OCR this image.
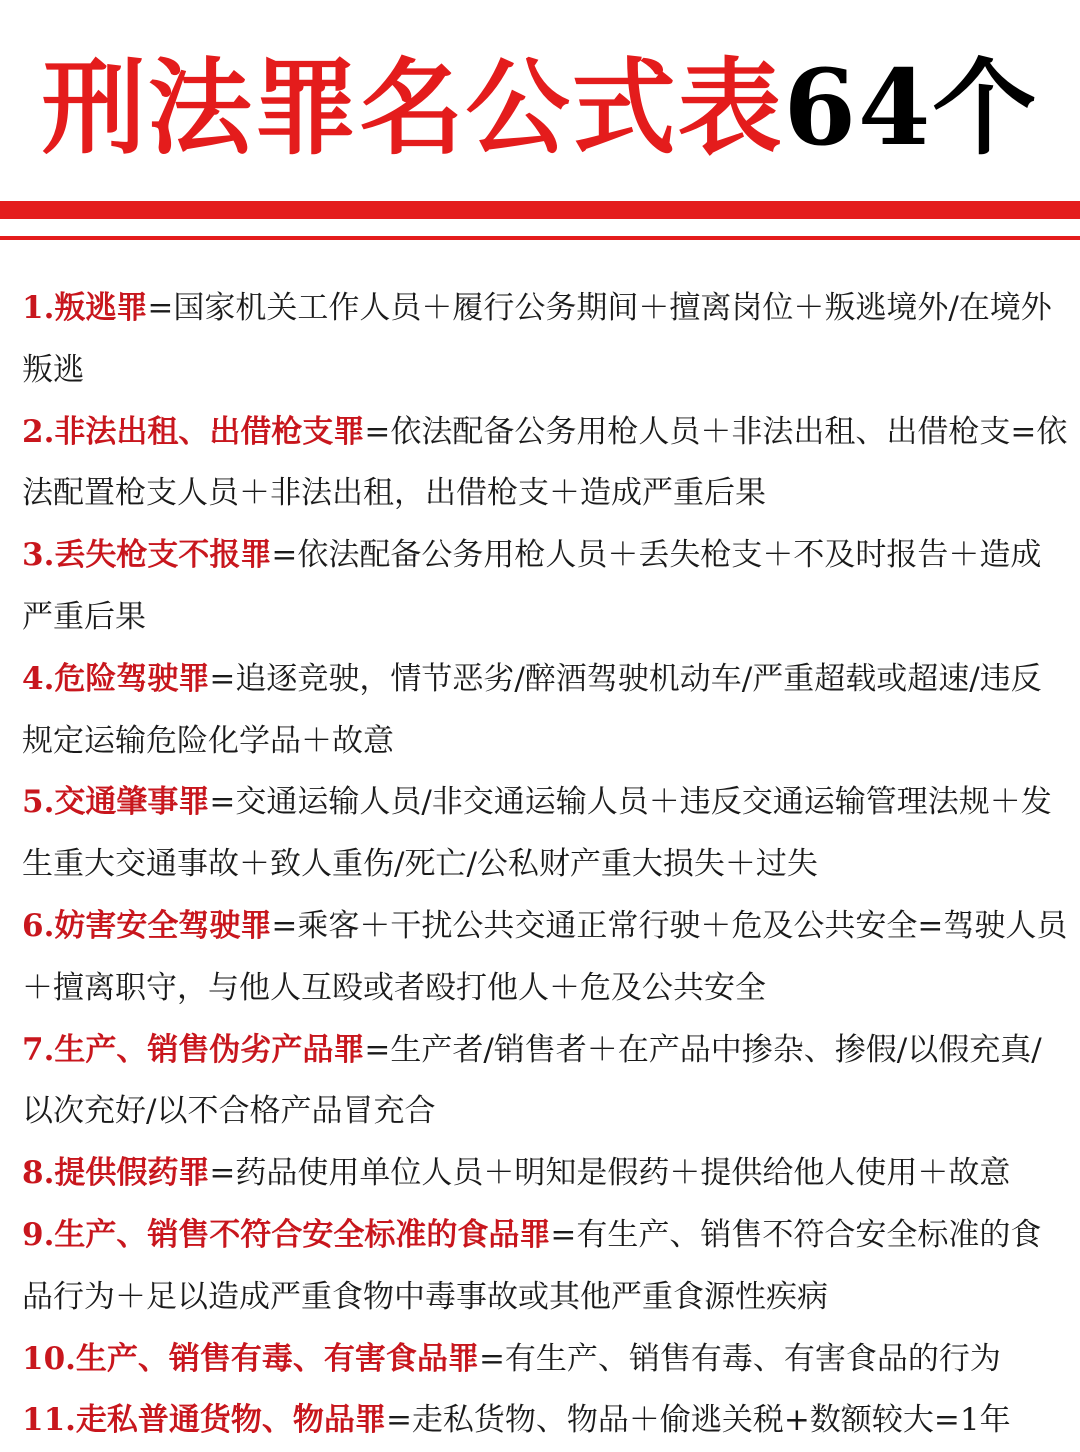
刑法罪名公式表64个

1.叛逃罪=国家机关工作人员＋履行公务期间＋擅离岗位＋叛逃境外/在境外叛逃

2.非法出租、出借枪支罪=依法配备公务用枪人员＋非法出租、出借枪支=依法配置枪支人员＋非法出租，出借枪支＋造成严重后果

3.丢失枪支不报罪=依法配备公务用枪人员＋丢失枪支＋不及时报告＋造成严重后果

4.危险驾驶罪=追逐竞驶，情节恶劣/醉酒驾驶机动车/严重超载或超速/违反规定运输危险化学品＋故意

5.交通肇事罪=交通运输人员/非交通运输人员＋违反交通运输管理法规＋发生重大交通事故＋致人重伤/死亡/公私财产重大损失＋过失

6.妨害安全驾驶罪=乘客＋干扰公共交通正常行驶＋危及公共安全=驾驶人员＋擅离职守，与他人互殴或者殴打他人＋危及公共安全

7.生产、销售伪劣产品罪=生产者/销售者＋在产品中掺杂、掺假/以假充真/以次充好/以不合格产品冒充合

8.提供假药罪=药品使用单位人员＋明知是假药＋提供给他人使用＋故意

9.生产、销售不符合安全标准的食品罪=有生产、销售不符合安全标准的食品行为＋足以造成严重食物中毒事故或其他严重食源性疾病

10.生产、销售有毒、有害食品罪=有生产、销售有毒、有害食品的行为

11.走私普通货物、物品罪=走私货物、物品＋偷逃关税+数额较大=1年
